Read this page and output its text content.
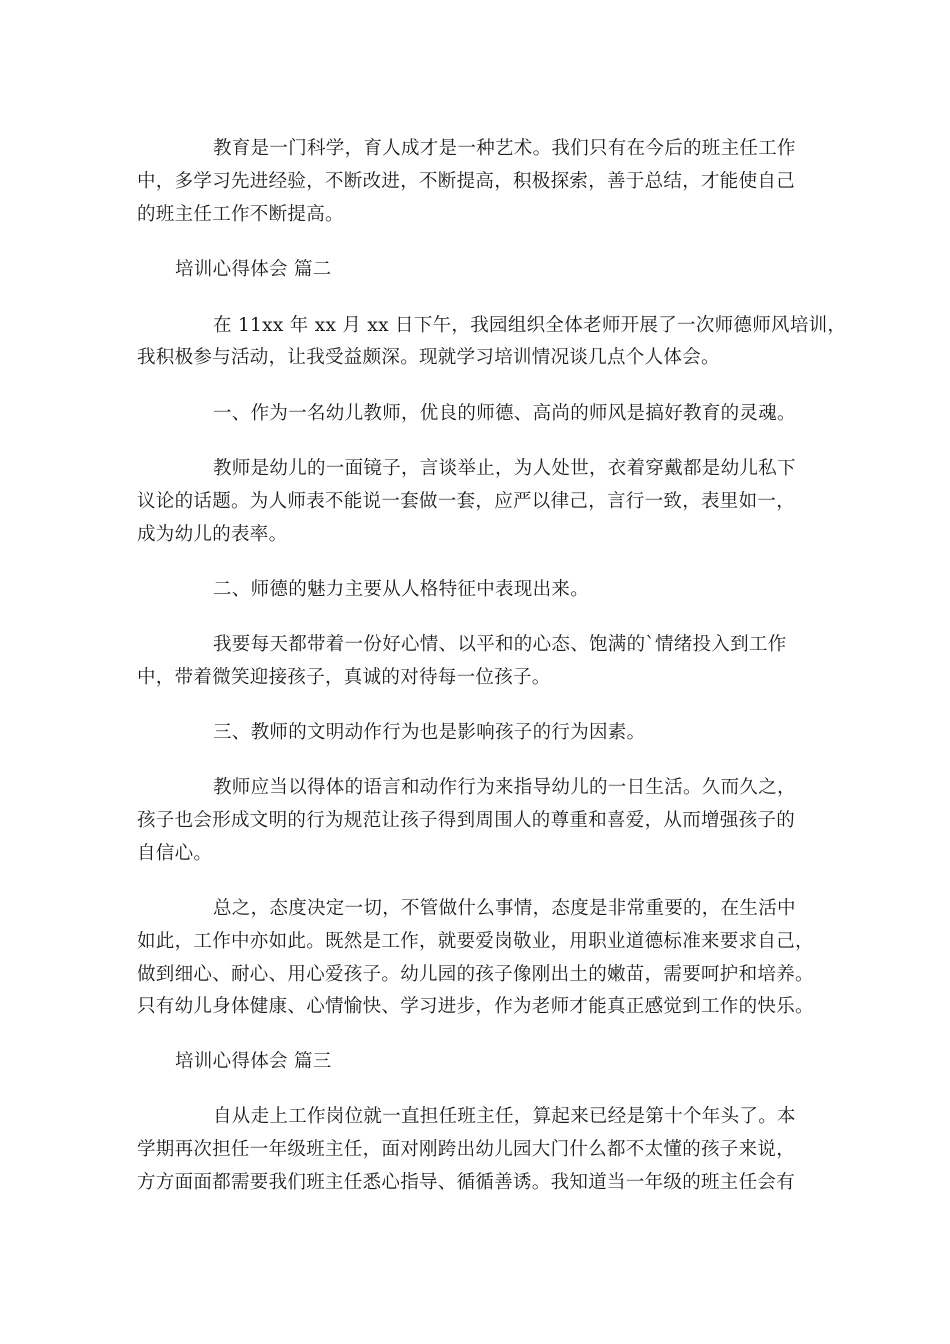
教育是一门科学，育人成才是一种艺术。我们只有在今后的班主任工作
中，多学习先进经验，不断改进，不断提高，积极探索，善于总结，才能使自己
的班主任工作不断提高。
培训心得体会 篇二
在 11xx 年 xx 月 xx 日下午，我园组织全体老师开展了一次师德师风培训，
我积极参与活动，让我受益颇深。现就学习培训情况谈几点个人体会。
一、作为一名幼儿教师，优良的师德、高尚的师风是搞好教育的灵魂。
教师是幼儿的一面镜子，言谈举止，为人处世，衣着穿戴都是幼儿私下
议论的话题。为人师表不能说一套做一套，应严以律己，言行一致，表里如一，
成为幼儿的表率。
二、师德的魅力主要从人格特征中表现出来。
我要每天都带着一份好心情、以平和的心态、饱满的`情绪投入到工作
中，带着微笑迎接孩子，真诚的对待每一位孩子。
三、教师的文明动作行为也是影响孩子的行为因素。
教师应当以得体的语言和动作行为来指导幼儿的一日生活。久而久之，
孩子也会形成文明的行为规范让孩子得到周围人的尊重和喜爱，从而增强孩子的
自信心。
总之，态度决定一切，不管做什么事情，态度是非常重要的，在生活中
如此，工作中亦如此。既然是工作，就要爱岗敬业，用职业道德标准来要求自己，
做到细心、耐心、用心爱孩子。幼儿园的孩子像刚出土的嫩苗，需要呵护和培养。
只有幼儿身体健康、心情愉快、学习进步，作为老师才能真正感觉到工作的快乐。
培训心得体会 篇三
自从走上工作岗位就一直担任班主任，算起来已经是第十个年头了。本
学期再次担任一年级班主任，面对刚跨出幼儿园大门什么都不太懂的孩子来说，
方方面面都需要我们班主任悉心指导、循循善诱。我知道当一年级的班主任会有
